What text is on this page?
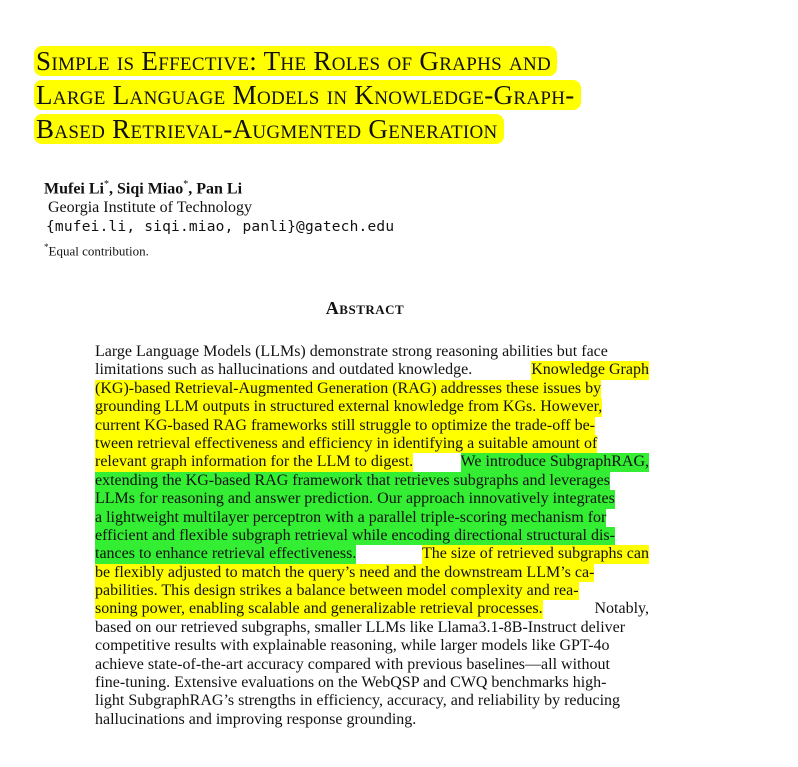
Simple is Effective: The Roles of Graphs and
Large Language Models in Knowledge-Graph-
Based Retrieval-Augmented Generation
Mufei Li*, Siqi Miao*, Pan Li
Georgia Institute of Technology
{mufei.li, siqi.miao, panli}@gatech.edu
*Equal contribution.
Abstract
Large Language Models (LLMs) demonstrate strong reasoning abilities but face
limitations such as hallucinations and outdated knowledge.
	Knowledge Graph
(KG)-based Retrieval-Augmented Generation (RAG) addresses these issues by
grounding LLM outputs in structured external knowledge from KGs. However,
current KG-based RAG frameworks still struggle to optimize the trade-off be-
tween retrieval effectiveness and efficiency in identifying a suitable amount of
relevant graph information for the LLM to digest.
	We introduce SubgraphRAG,
extending the KG-based RAG framework that retrieves subgraphs and leverages
LLMs for reasoning and answer prediction. Our approach innovatively integrates
a lightweight multilayer perceptron with a parallel triple-scoring mechanism for
efficient and flexible subgraph retrieval while encoding directional structural dis-
tances to enhance retrieval effectiveness.
	The size of retrieved subgraphs can
be flexibly adjusted to match the query’s need and the downstream LLM’s ca-
pabilities. This design strikes a balance between model complexity and rea-
soning power, enabling scalable and generalizable retrieval processes.
	Notably,
based on our retrieved subgraphs, smaller LLMs like Llama3.1-8B-Instruct deliver
competitive results with explainable reasoning, while larger models like GPT-4o
achieve state-of-the-art accuracy compared with previous baselines—all without
fine-tuning. Extensive evaluations on the WebQSP and CWQ benchmarks high-
light SubgraphRAG’s strengths in efficiency, accuracy, and reliability by reducing
hallucinations and improving response grounding.
